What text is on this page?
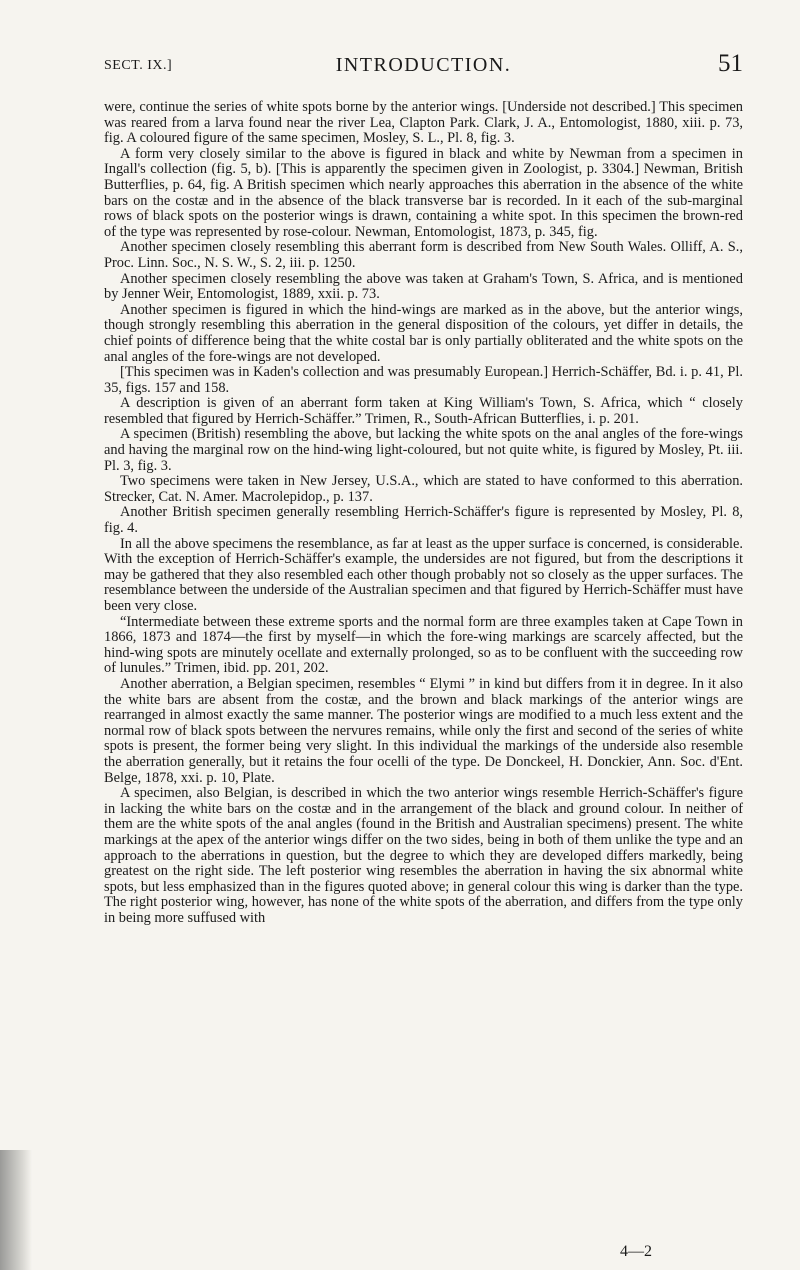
SECT. IX.]	INTRODUCTION.	51

were, continue the series of white spots borne by the anterior wings. [Underside not described.] This specimen was reared from a larva found near the river Lea, Clapton Park. Clark, J. A., Entomologist, 1880, xiii. p. 73, fig. A coloured figure of the same specimen, Mosley, S. L., Pl. 8, fig. 3.

A form very closely similar to the above is figured in black and white by Newman from a specimen in Ingall's collection (fig. 5, b). [This is apparently the specimen given in Zoologist, p. 3304.] Newman, British Butterflies, p. 64, fig. A British specimen which nearly approaches this aberration in the absence of the white bars on the costæ and in the absence of the black transverse bar is recorded. In it each of the sub-marginal rows of black spots on the posterior wings is drawn, containing a white spot. In this specimen the brown-red of the type was represented by rose-colour. Newman, Entomologist, 1873, p. 345, fig.

Another specimen closely resembling this aberrant form is described from New South Wales. Olliff, A. S., Proc. Linn. Soc., N. S. W., S. 2, iii. p. 1250.

Another specimen closely resembling the above was taken at Graham's Town, S. Africa, and is mentioned by Jenner Weir, Entomologist, 1889, xxii. p. 73.

Another specimen is figured in which the hind-wings are marked as in the above, but the anterior wings, though strongly resembling this aberration in the general disposition of the colours, yet differ in details, the chief points of difference being that the white costal bar is only partially obliterated and the white spots on the anal angles of the fore-wings are not developed.

[This specimen was in Kaden's collection and was presumably European.] Herrich-Schäffer, Bd. i. p. 41, Pl. 35, figs. 157 and 158.

A description is given of an aberrant form taken at King William's Town, S. Africa, which “ closely resembled that figured by Herrich-Schäffer.” Trimen, R., South-African Butterflies, i. p. 201.

A specimen (British) resembling the above, but lacking the white spots on the anal angles of the fore-wings and having the marginal row on the hind-wing light-coloured, but not quite white, is figured by Mosley, Pt. iii. Pl. 3, fig. 3.

Two specimens were taken in New Jersey, U.S.A., which are stated to have conformed to this aberration. Strecker, Cat. N. Amer. Macrolepidop., p. 137.

Another British specimen generally resembling Herrich-Schäffer's figure is represented by Mosley, Pl. 8, fig. 4.

In all the above specimens the resemblance, as far at least as the upper surface is concerned, is considerable. With the exception of Herrich-Schäffer's example, the undersides are not figured, but from the descriptions it may be gathered that they also resembled each other though probably not so closely as the upper surfaces. The resemblance between the underside of the Australian specimen and that figured by Herrich-Schäffer must have been very close.

“Intermediate between these extreme sports and the normal form are three examples taken at Cape Town in 1866, 1873 and 1874—the first by myself—in which the fore-wing markings are scarcely affected, but the hind-wing spots are minutely ocellate and externally prolonged, so as to be confluent with the succeeding row of lunules.” Trimen, ibid. pp. 201, 202.

Another aberration, a Belgian specimen, resembles “ Elymi ” in kind but differs from it in degree. In it also the white bars are absent from the costæ, and the brown and black markings of the anterior wings are rearranged in almost exactly the same manner. The posterior wings are modified to a much less extent and the normal row of black spots between the nervures remains, while only the first and second of the series of white spots is present, the former being very slight. In this individual the markings of the underside also resemble the aberration generally, but it retains the four ocelli of the type. De Donckeel, H. Donckier, Ann. Soc. d'Ent. Belge, 1878, xxi. p. 10, Plate.

A specimen, also Belgian, is described in which the two anterior wings resemble Herrich-Schäffer's figure in lacking the white bars on the costæ and in the arrangement of the black and ground colour. In neither of them are the white spots of the anal angles (found in the British and Australian specimens) present. The white markings at the apex of the anterior wings differ on the two sides, being in both of them unlike the type and an approach to the aberrations in question, but the degree to which they are developed differs markedly, being greatest on the right side. The left posterior wing resembles the aberration in having the six abnormal white spots, but less emphasized than in the figures quoted above; in general colour this wing is darker than the type. The right posterior wing, however, has none of the white spots of the aberration, and differs from the type only in being more suffused with

4—2
